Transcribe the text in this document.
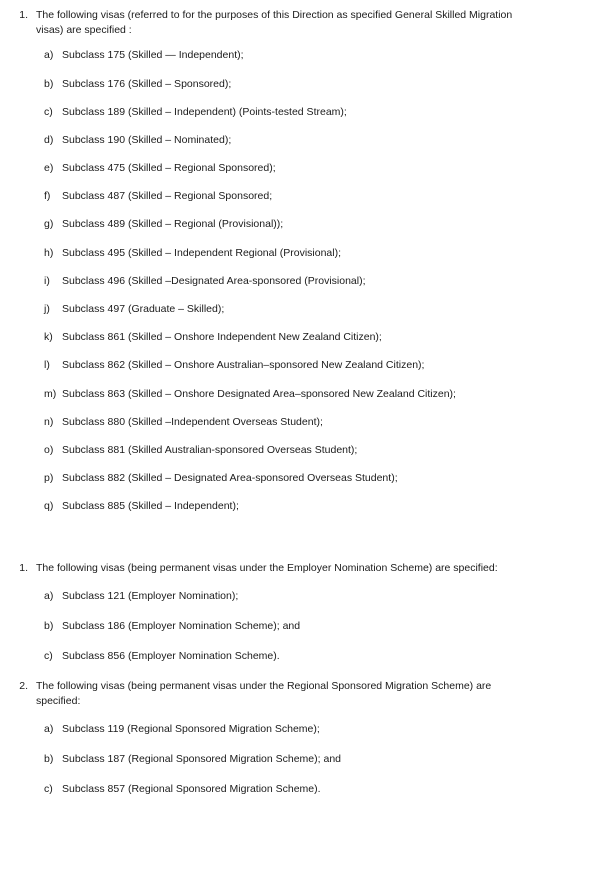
1. The following visas (referred to for the purposes of this Direction as specified General Skilled Migration visas) are specified :
a) Subclass 175 (Skilled — Independent);
b) Subclass 176 (Skilled – Sponsored);
c) Subclass 189 (Skilled – Independent) (Points-tested Stream);
d) Subclass 190 (Skilled – Nominated);
e) Subclass 475 (Skilled – Regional Sponsored);
f)	Subclass 487 (Skilled – Regional Sponsored;
g) Subclass 489 (Skilled – Regional (Provisional));
h) Subclass 495 (Skilled – Independent Regional (Provisional);
i)	Subclass 496 (Skilled –Designated Area-sponsored (Provisional);
j)	Subclass 497 (Graduate – Skilled);
k) Subclass 861 (Skilled – Onshore Independent New Zealand Citizen);
l)	Subclass 862 (Skilled – Onshore Australian–sponsored New Zealand Citizen);
m) Subclass 863 (Skilled – Onshore Designated Area–sponsored New Zealand Citizen);
n) Subclass 880 (Skilled –Independent Overseas Student);
o) Subclass 881 (Skilled Australian-sponsored Overseas Student);
p) Subclass 882 (Skilled – Designated Area-sponsored Overseas Student);
q) Subclass 885 (Skilled – Independent);
1. The following visas (being permanent visas under the Employer Nomination Scheme) are specified:
a) Subclass 121 (Employer Nomination);
b) Subclass 186 (Employer Nomination Scheme); and
c) Subclass 856 (Employer Nomination Scheme).
2. The following visas (being permanent visas under the Regional Sponsored Migration Scheme) are specified:
a) Subclass 119 (Regional Sponsored Migration Scheme);
b) Subclass 187 (Regional Sponsored Migration Scheme); and
c) Subclass 857 (Regional Sponsored Migration Scheme).
